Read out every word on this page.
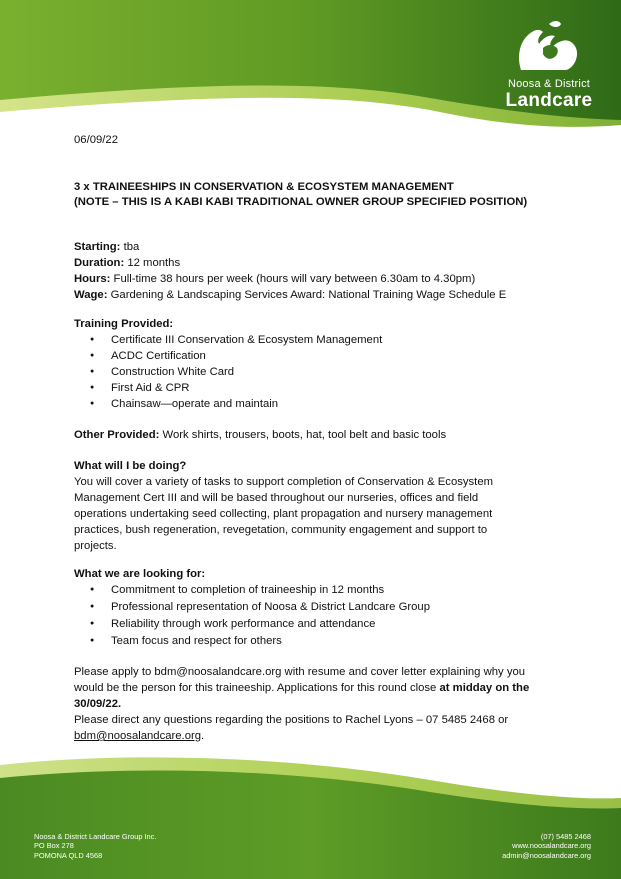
Noosa & District
Landcare
06/09/22
3 x TRAINEESHIPS IN CONSERVATION & ECOSYSTEM MANAGEMENT
(NOTE – THIS IS A KABI KABI TRADITIONAL OWNER GROUP SPECIFIED POSITION)
Starting: tba
Duration: 12 months
Hours: Full-time 38 hours per week (hours will vary between 6.30am to 4.30pm)
Wage: Gardening & Landscaping Services Award: National Training Wage Schedule E
Training Provided:
● Certificate III Conservation & Ecosystem Management
● ACDC Certification
● Construction White Card
● First Aid & CPR
● Chainsaw—operate and maintain
Other Provided: Work shirts, trousers, boots, hat, tool belt and basic tools
What will I be doing?
You will cover a variety of tasks to support completion of Conservation & Ecosystem
Management Cert III and will be based throughout our nurseries, offices and field
operations undertaking seed collecting, plant propagation and nursery management
practices, bush regeneration, revegetation, community engagement and support to
projects.
What we are looking for:
● Commitment to completion of traineeship in 12 months
● Professional representation of Noosa & District Landcare Group
● Reliability through work performance and attendance
● Team focus and respect for others
Please apply to bdm@noosalandcare.org with resume and cover letter explaining why you
would be the person for this traineeship. Applications for this round close at midday on the
30/09/22.
Please direct any questions regarding the positions to Rachel Lyons – 07 5485 2468 or
bdm@noosalandcare.org.
Noosa & District Landcare Group Inc.
PO Box 278
POMONA QLD 4568
(07) 5485 2468
www.noosalandcare.org
admin@noosalandcare.org
